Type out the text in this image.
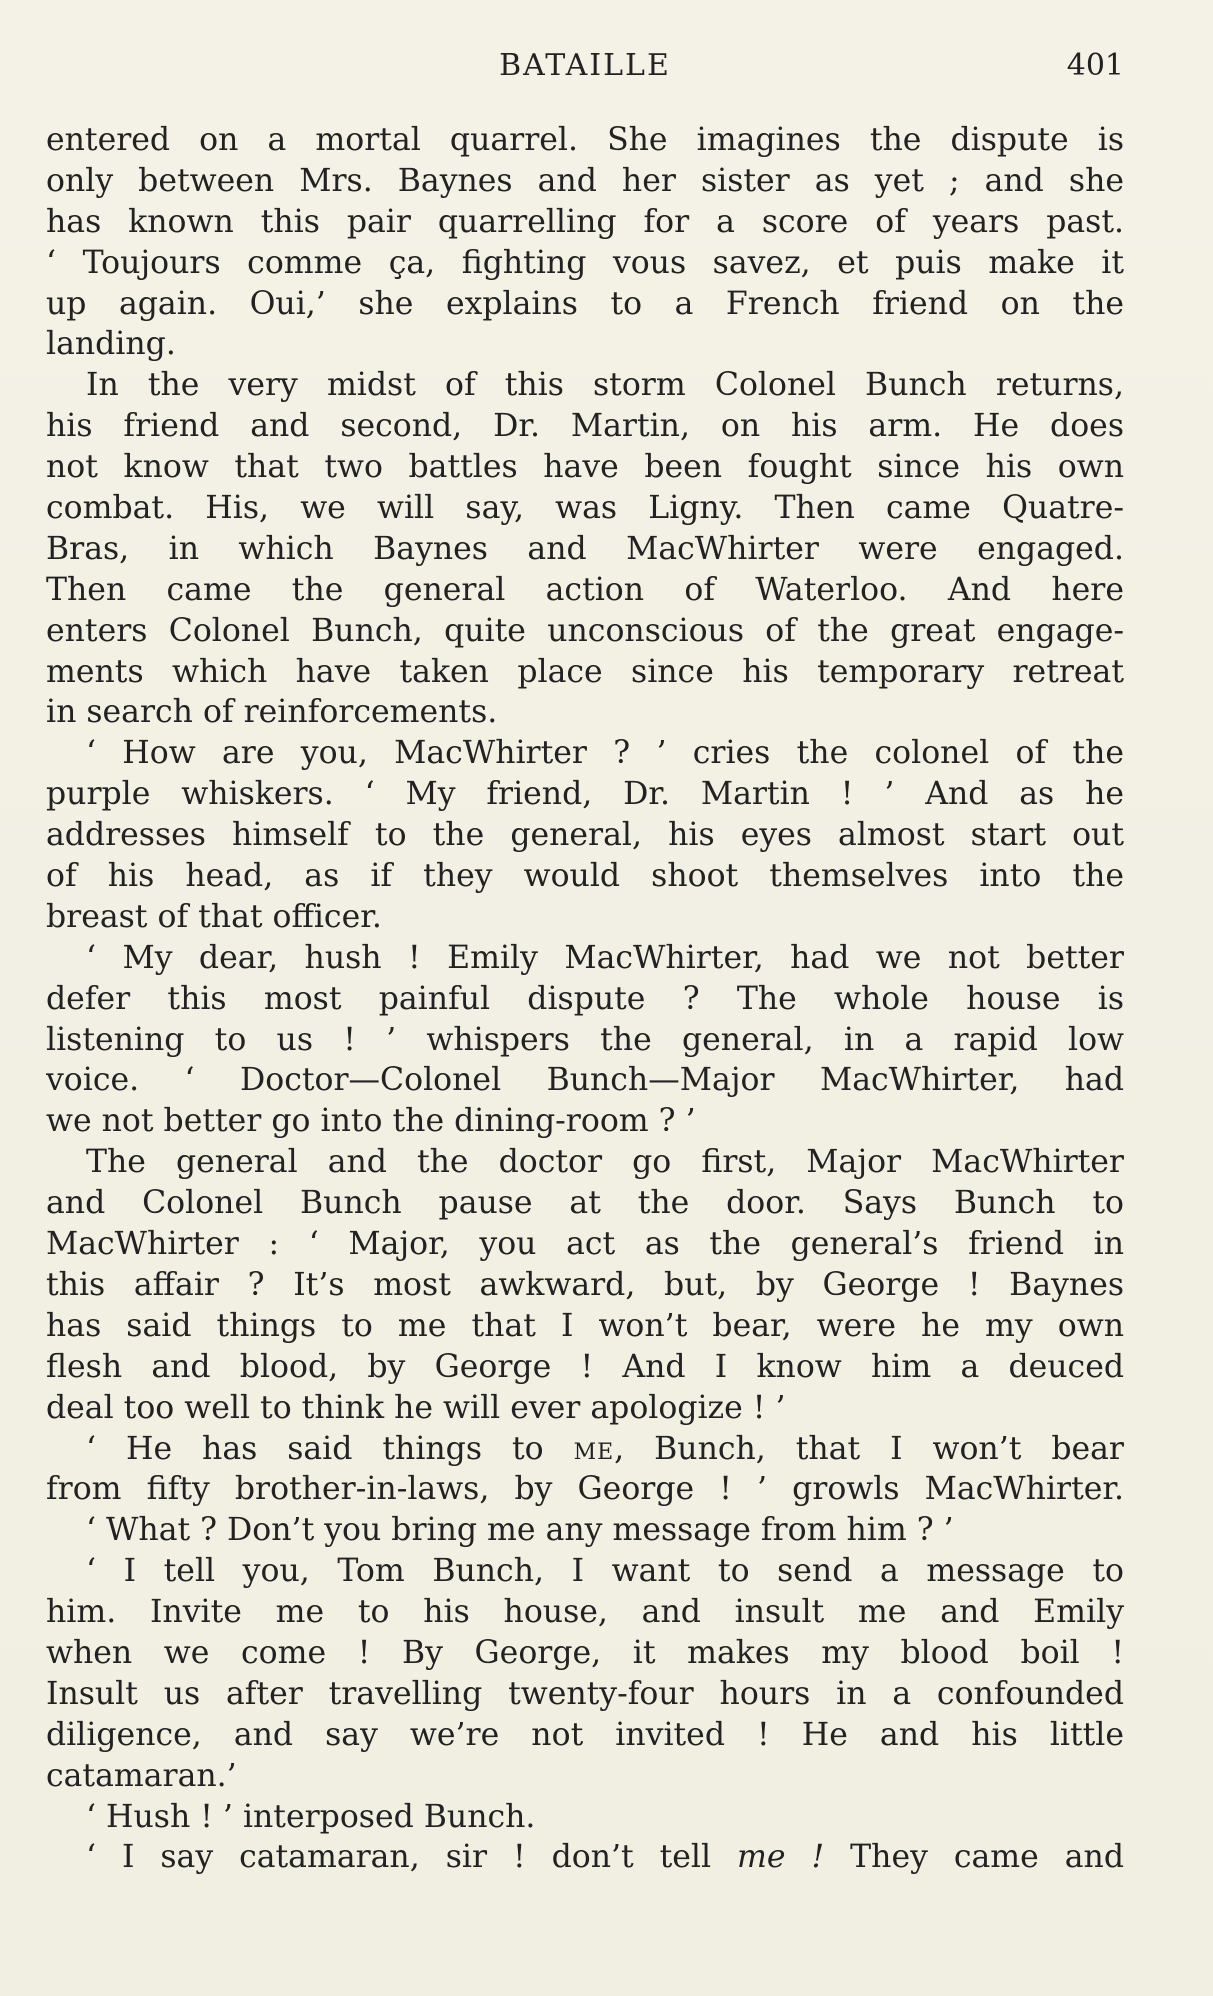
BATAILLE	401
entered on a mortal quarrel. She imagines the dispute is
only between Mrs. Baynes and her sister as yet ; and she
has known this pair quarrelling for a score of years past.
‘ Toujours comme ça, fighting vous savez, et puis make it
up again. Oui,’ she explains to a French friend on the
landing.
In the very midst of this storm Colonel Bunch returns,
his friend and second, Dr. Martin, on his arm. He does
not know that two battles have been fought since his own
combat. His, we will say, was Ligny. Then came Quatre-
Bras, in which Baynes and MacWhirter were engaged.
Then came the general action of Waterloo. And here
enters Colonel Bunch, quite unconscious of the great engage-
ments which have taken place since his temporary retreat
in search of reinforcements.
‘ How are you, MacWhirter ? ’ cries the colonel of the
purple whiskers. ‘ My friend, Dr. Martin ! ’ And as he
addresses himself to the general, his eyes almost start out
of his head, as if they would shoot themselves into the
breast of that officer.
‘ My dear, hush ! Emily MacWhirter, had we not better
defer this most painful dispute ? The whole house is
listening to us ! ’ whispers the general, in a rapid low
voice. ‘ Doctor—Colonel Bunch—Major MacWhirter, had
we not better go into the dining-room ? ’
The general and the doctor go first, Major MacWhirter
and Colonel Bunch pause at the door. Says Bunch to
MacWhirter : ‘ Major, you act as the general’s friend in
this affair ? It’s most awkward, but, by George ! Baynes
has said things to me that I won’t bear, were he my own
flesh and blood, by George ! And I know him a deuced
deal too well to think he will ever apologize ! ’
‘ He has said things to me, Bunch, that I won’t bear
from fifty brother-in-laws, by George ! ’ growls MacWhirter.
‘ What ? Don’t you bring me any message from him ? ’
‘ I tell you, Tom Bunch, I want to send a message to
him. Invite me to his house, and insult me and Emily
when we come ! By George, it makes my blood boil !
Insult us after travelling twenty-four hours in a confounded
diligence, and say we’re not invited ! He and his little
catamaran.’
‘ Hush ! ’ interposed Bunch.
‘ I say catamaran, sir ! don’t tell me ! They came and
